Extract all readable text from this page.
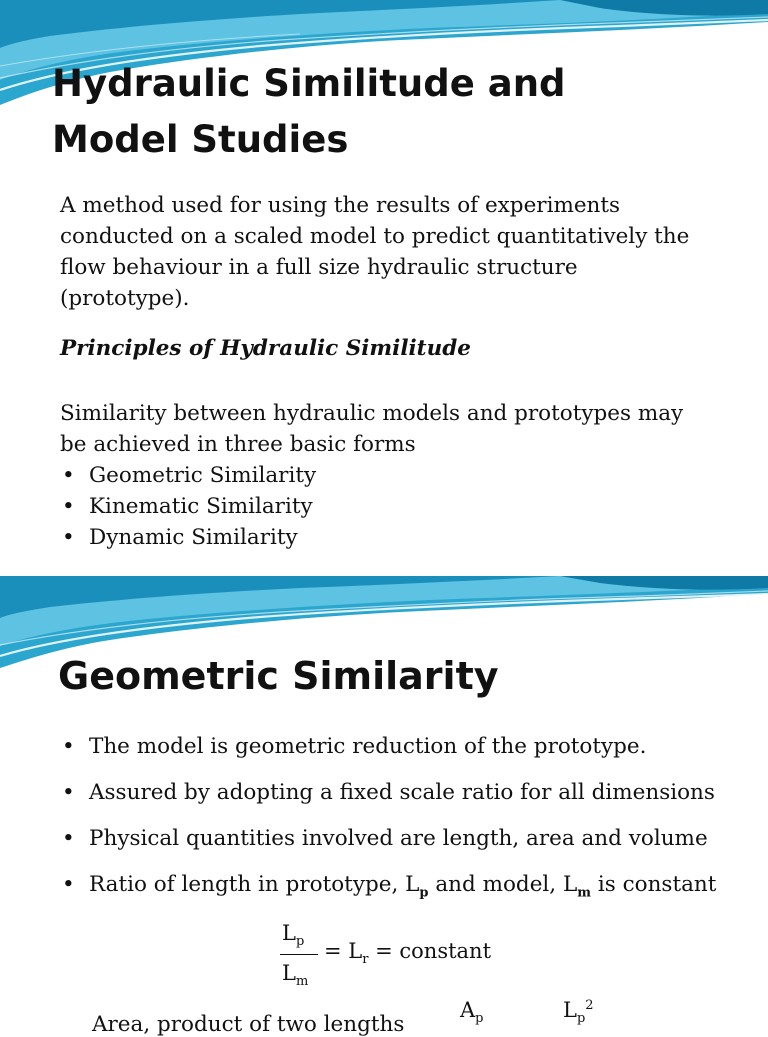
Hydraulic Similitude and
Model Studies

A method used for using the results of experiments
conducted on a scaled model to predict quantitatively the
flow behaviour in a full size hydraulic structure
(prototype).

Principles of Hydraulic Similitude

Similarity between hydraulic models and prototypes may
be achieved in three basic forms

• Geometric Similarity
• Kinematic Similarity
• Dynamic Similarity
Geometric Similarity
• The model is geometric reduction of the prototype.
• Assured by adopting a fixed scale ratio for all dimensions
• Physical quantities involved are length, area and volume
• Ratio of length in prototype, $L_p$ and model, $L_m$ is constant
$L_p$
$L_m$
= $L_r$ = constant
Area, product of two lengths
$A_p$	$L_p^2$
